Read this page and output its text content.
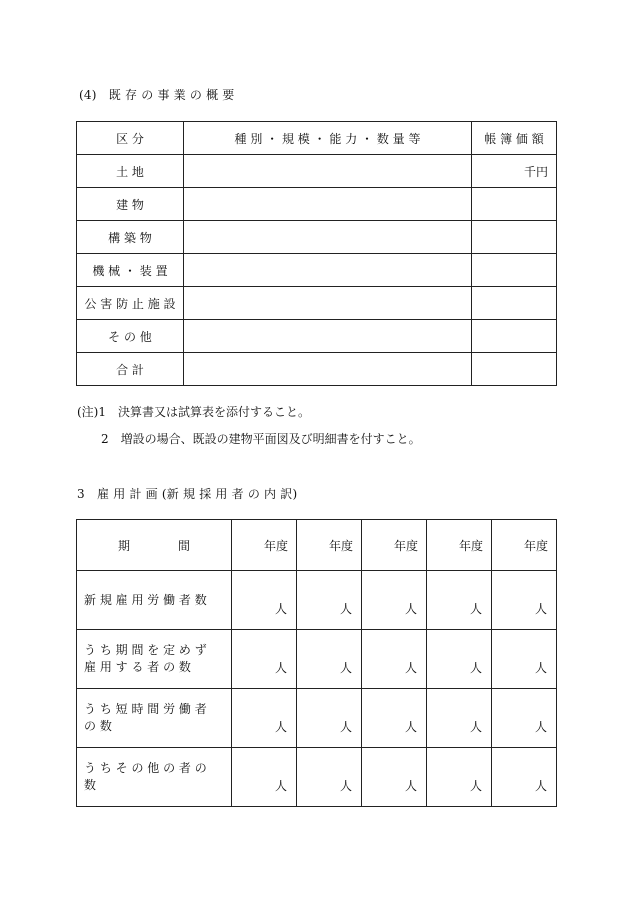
(4)　既 存 の 事 業 の 概 要
区 分	種 別 ・ 規 模 ・ 能 力 ・ 数 量 等	帳 簿 価 額
土 地		千円
建 物		
構 築 物		
機 械 ・ 装 置		
公 害 防 止 施 設		
そ の 他		
合 計		
(注)1　決算書又は試算表を添付すること。
2　増設の場合、既設の建物平面図及び明細書を付すこと。
3　雇 用 計 画 (新 規 採 用 者 の 内 訳)
期　　　　間	年度	年度	年度	年度	年度

新 規 雇 用 労 働 者 数	人	人	人	人	人

う ち 期 間 を 定 め ず
雇 用 す る 者 の 数	人	人	人	人	人

う ち 短 時 間 労 働 者
の 数	人	人	人	人	人

う ち そ の 他 の 者 の
数	人	人	人	人	人
